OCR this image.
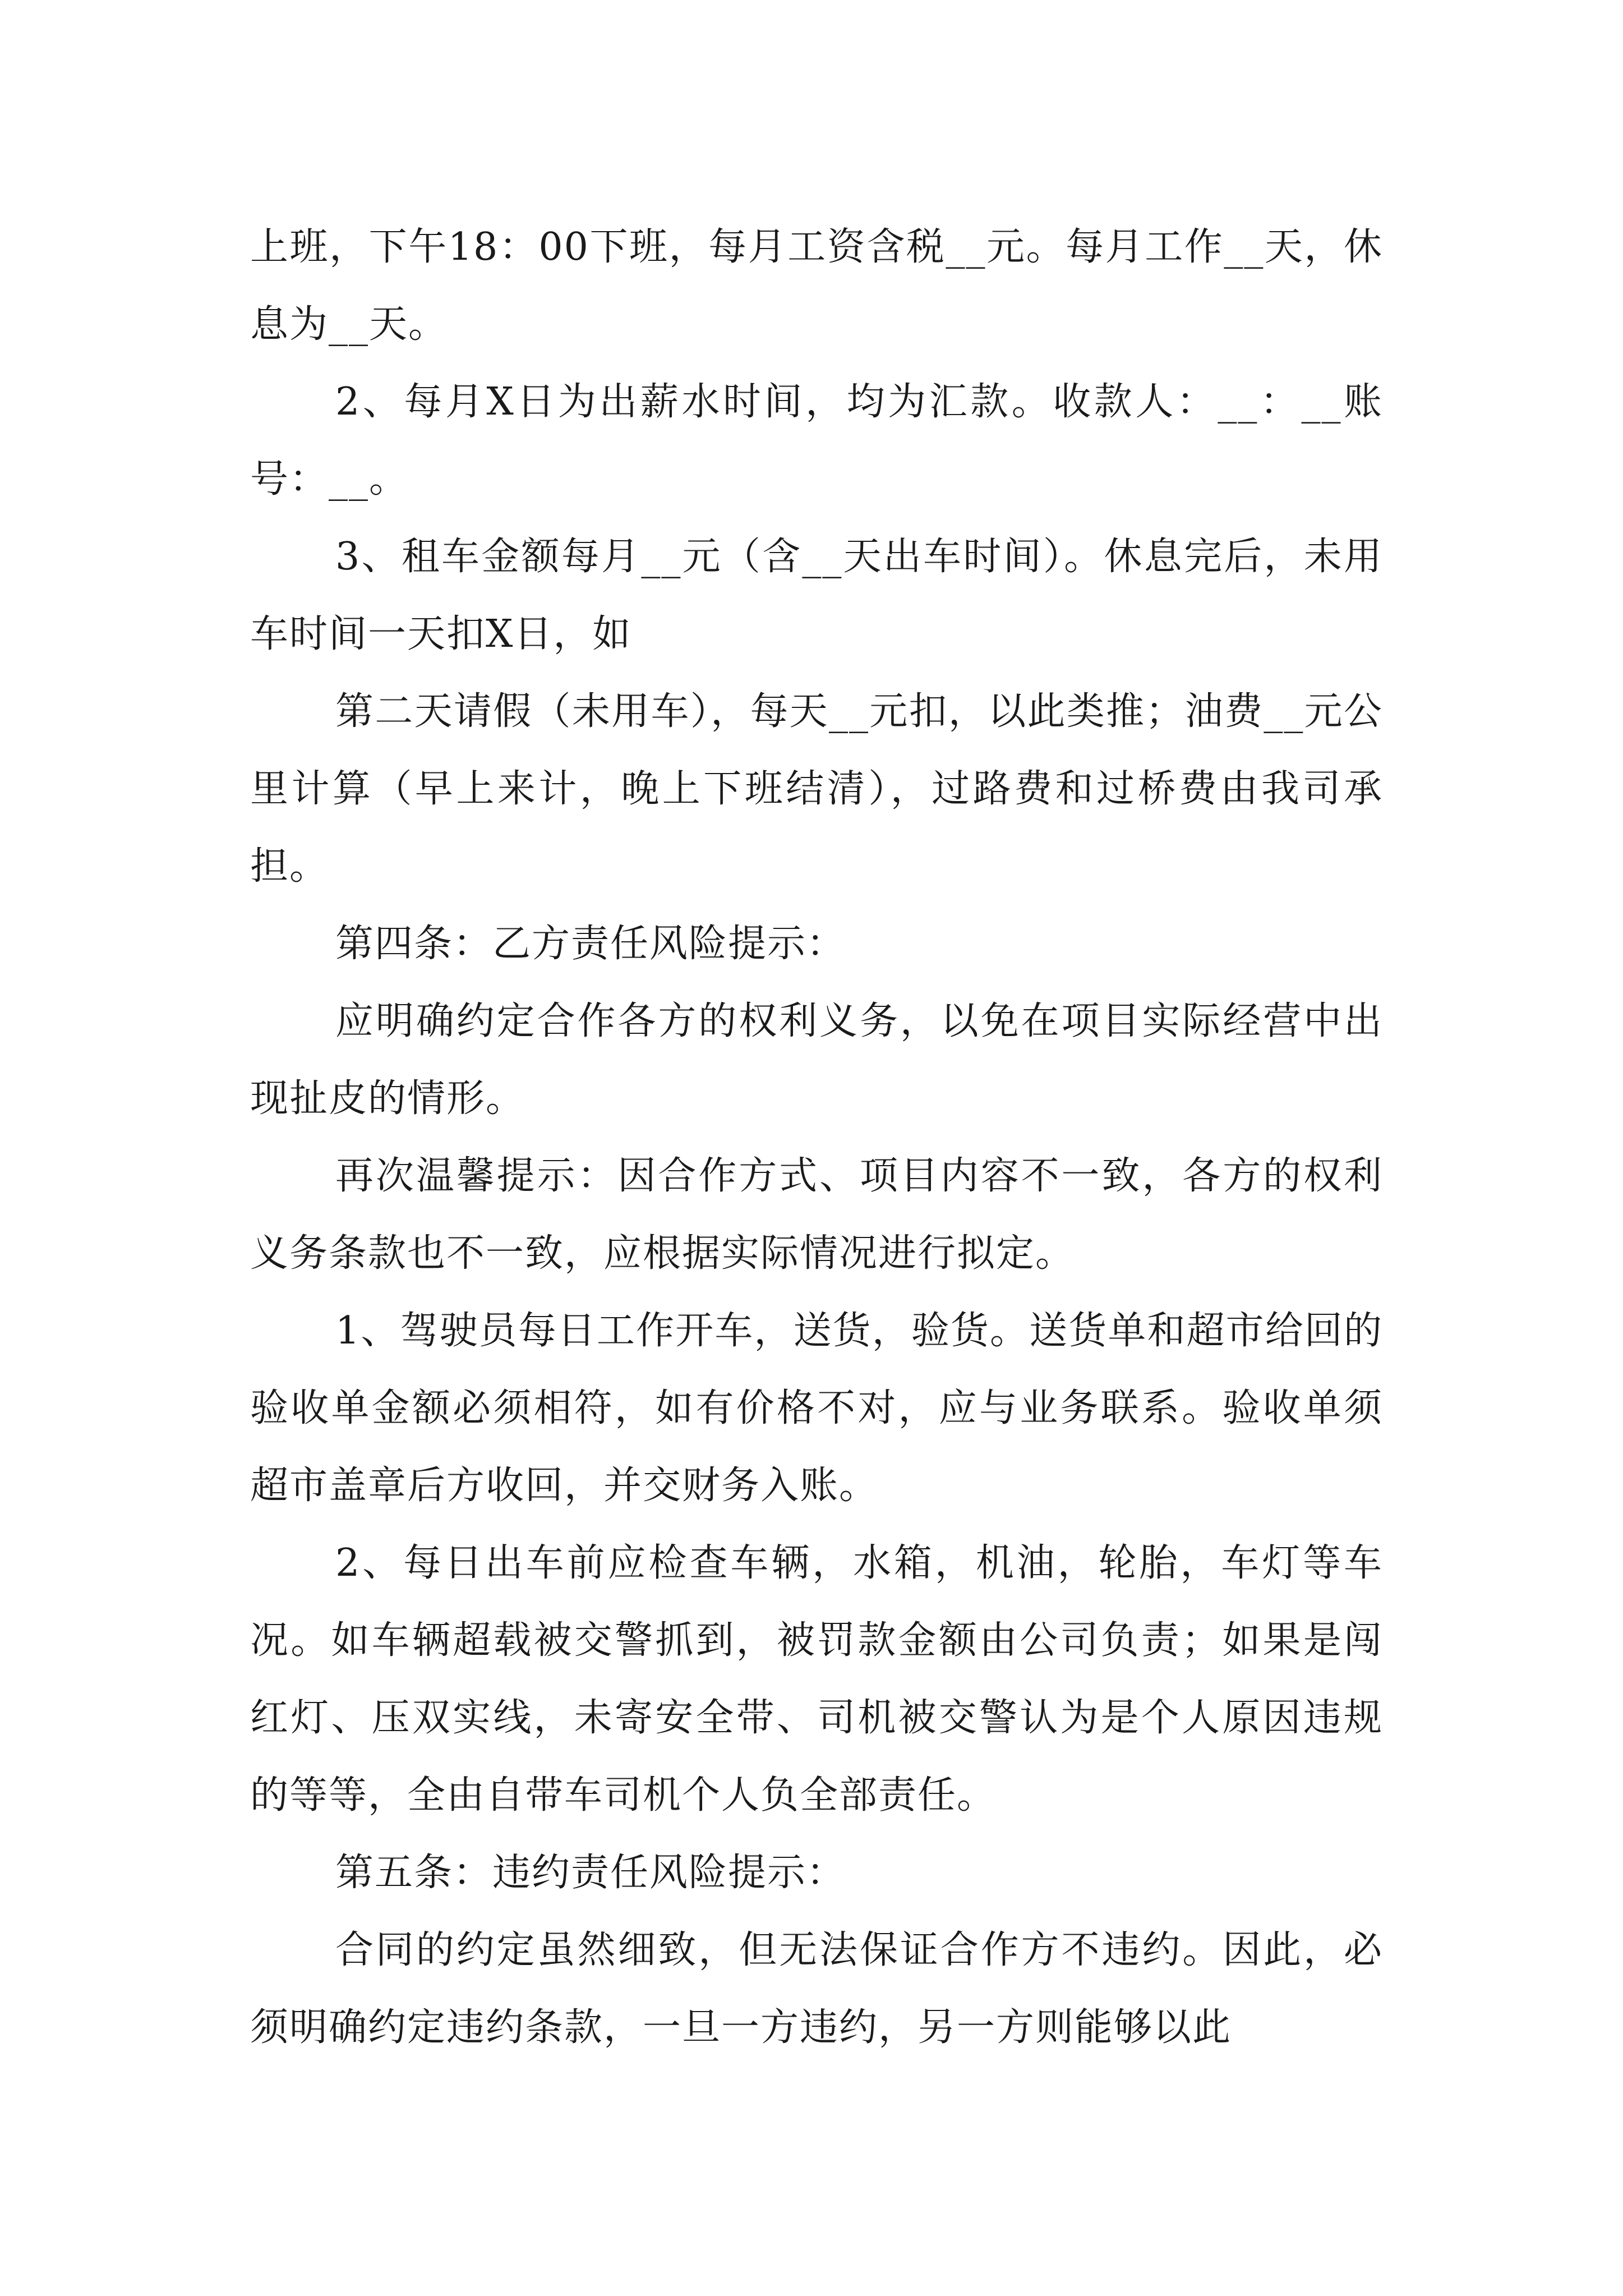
上班，下午18：00下班，每月工资含税__元。每月工作__天，休息为__天。

2、每月X日为出薪水时间，均为汇款。收款人：__：__账号：__。

3、租车金额每月__元（含__天出车时间）。休息完后，未用车时间一天扣X日，如

第二天请假（未用车），每天__元扣，以此类推；油费__元公里计算（早上来计，晚上下班结清），过路费和过桥费由我司承担。

第四条：乙方责任风险提示：

应明确约定合作各方的权利义务，以免在项目实际经营中出现扯皮的情形。

再次温馨提示：因合作方式、项目内容不一致，各方的权利义务条款也不一致，应根据实际情况进行拟定。

1、驾驶员每日工作开车，送货，验货。送货单和超市给回的验收单金额必须相符，如有价格不对，应与业务联系。验收单须超市盖章后方收回，并交财务入账。

2、每日出车前应检查车辆，水箱，机油，轮胎，车灯等车况。如车辆超载被交警抓到，被罚款金额由公司负责；如果是闯红灯、压双实线，未寄安全带、司机被交警认为是个人原因违规的等等，全由自带车司机个人负全部责任。

第五条：违约责任风险提示：

合同的约定虽然细致，但无法保证合作方不违约。因此，必须明确约定违约条款，一旦一方违约，另一方则能够以此
